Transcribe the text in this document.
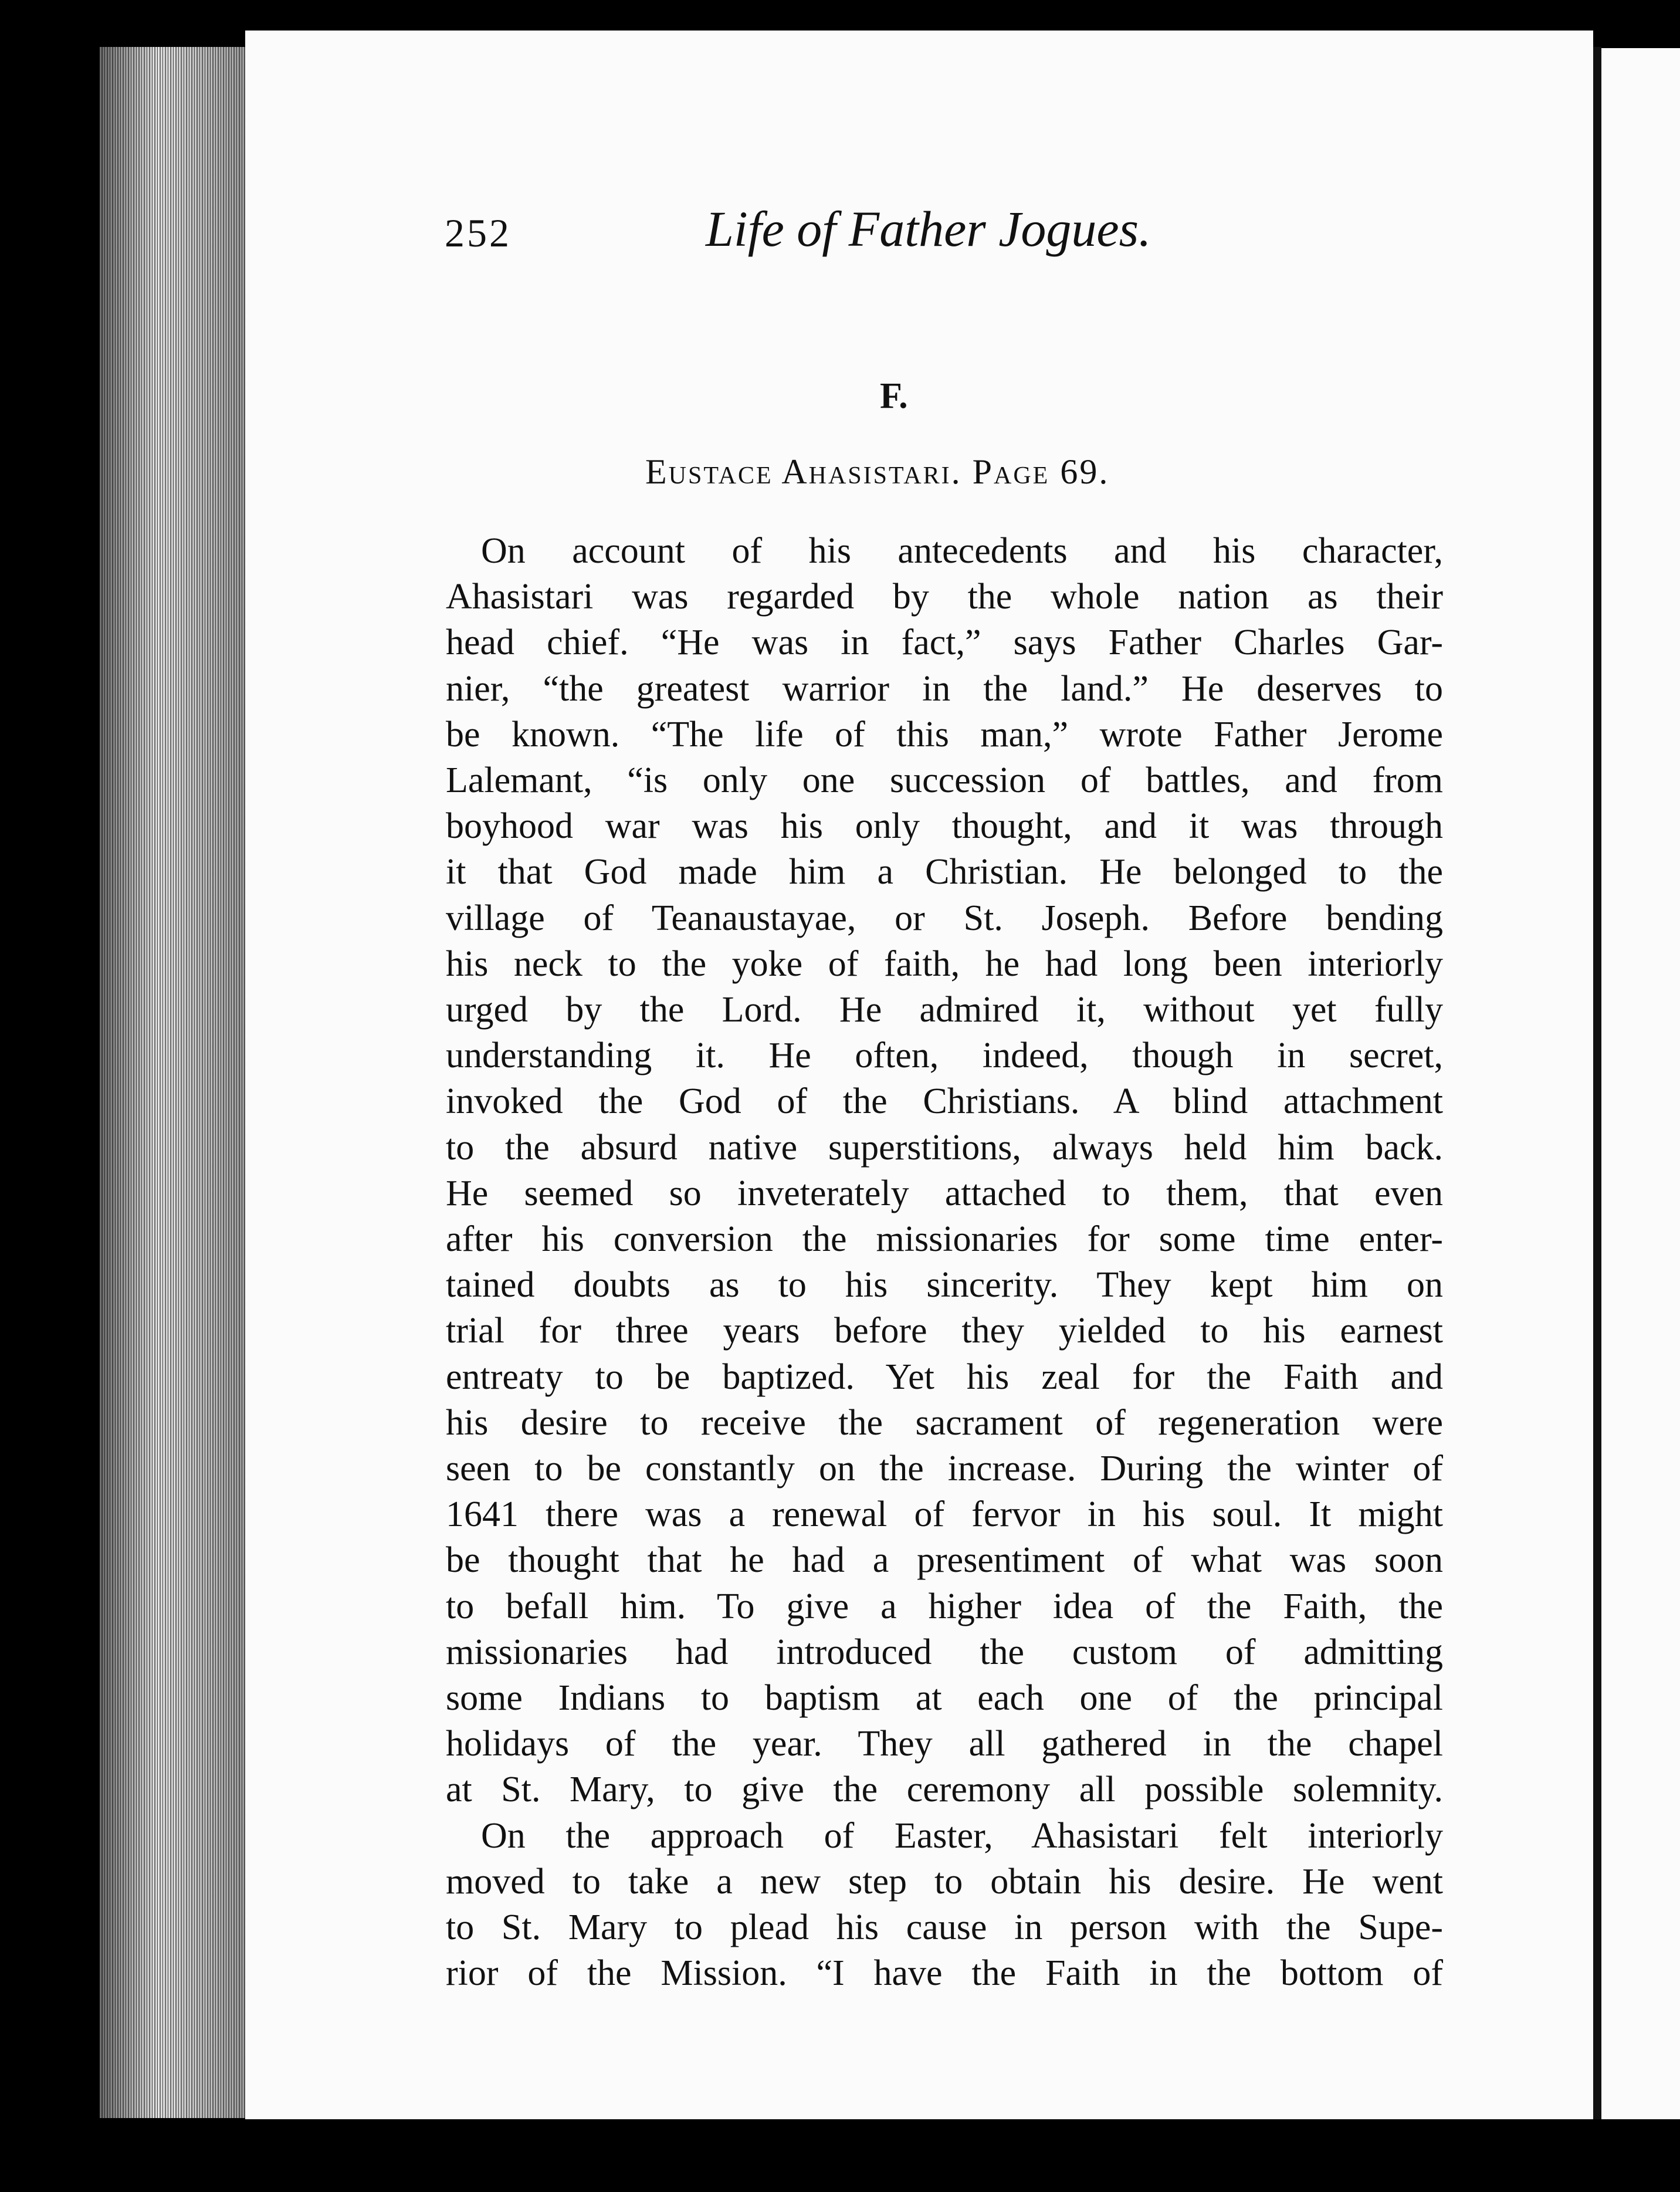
252	Life of Father Jogues.
F.
Eustace Ahasistari. Page 69.

On account of his antecedents and his character,
Ahasistari was regarded by the whole nation as their
head chief. “He was in fact,” says Father Charles Gar-
nier, “the greatest warrior in the land.” He deserves to
be known. “The life of this man,” wrote Father Jerome
Lalemant, “is only one succession of battles, and from
boyhood war was his only thought, and it was through
it that God made him a Christian. He belonged to the
village of Teanaustayae, or St. Joseph. Before bending
his neck to the yoke of faith, he had long been interiorly
urged by the Lord. He admired it, without yet fully
understanding it. He often, indeed, though in secret,
invoked the God of the Christians. A blind attachment
to the absurd native superstitions, always held him back.
He seemed so inveterately attached to them, that even
after his conversion the missionaries for some time enter-
tained doubts as to his sincerity. They kept him on
trial for three years before they yielded to his earnest
entreaty to be baptized. Yet his zeal for the Faith and
his desire to receive the sacrament of regeneration were
seen to be constantly on the increase. During the winter of
1641 there was a renewal of fervor in his soul. It might
be thought that he had a presentiment of what was soon
to befall him. To give a higher idea of the Faith, the
missionaries had introduced the custom of admitting
some Indians to baptism at each one of the principal
holidays of the year. They all gathered in the chapel
at St. Mary, to give the ceremony all possible solemnity.

On the approach of Easter, Ahasistari felt interiorly
moved to take a new step to obtain his desire. He went
to St. Mary to plead his cause in person with the Supe-
rior of the Mission. “I have the Faith in the bottom of
